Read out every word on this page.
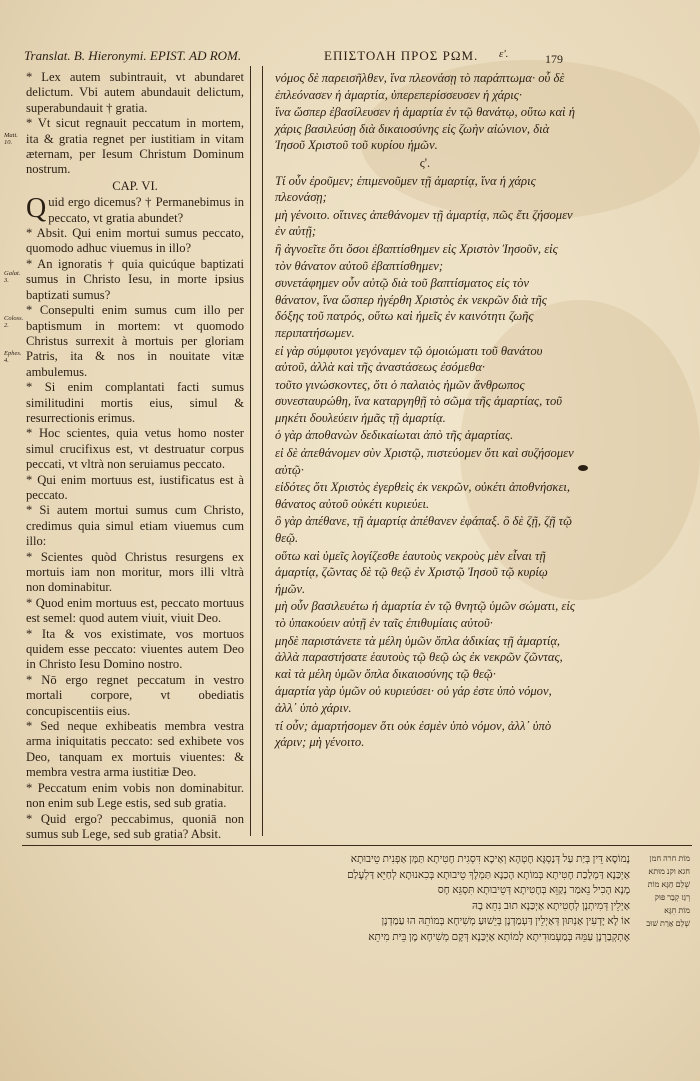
Translat. B. Hieronymi. EPIST. AD ROM.	ΕΠΙΣΤΟΛΗ ΠΡΟΣ ΡΩΜ. ε'.	179
Matt. 10.
Galat. 3.
Coloss. 2.
Ephes. 4.

* Lex autem subintrauit, vt abundaret delictum. Vbi autem abundauit delictum, superabundauit † gratia.

* Vt sicut regnauit peccatum in mortem, ita & gratia regnet per iustitiam in vitam æternam, per Iesum Christum Dominum nostrum.

CAP. VI.

Quid ergo dicemus? † Permanebimus in peccato, vt gratia abundet?

* Absit. Qui enim mortui sumus peccato, quomodo adhuc viuemus in illo?

* An ignoratis † quia quicúque baptizati sumus in Christo Iesu, in morte ipsius baptizati sumus?

* Consepulti enim sumus cum illo per baptismum in mortem: vt quomodo Christus surrexit à mortuis per gloriam Patris, ita & nos in nouitate vitæ ambulemus.

* Si enim complantati facti sumus similitudini mortis eius, simul & resurrectionis erimus.

* Hoc scientes, quia vetus homo noster simul crucifixus est, vt destruatur corpus peccati, vt vltrà non seruiamus peccato.

* Qui enim mortuus est, iustificatus est à peccato.

* Si autem mortui sumus cum Christo, credimus quia simul etiam viuemus cum illo:

* Scientes quòd Christus resurgens ex mortuis iam non moritur, mors illi vltrà non dominabitur.

* Quod enim mortuus est, peccato mortuus est semel: quod autem viuit, viuit Deo.

* Ita & vos existimate, vos mortuos quidem esse peccato: viuentes autem Deo in Christo Iesu Domino nostro.

* Nō ergo regnet peccatum in vestro mortali corpore, vt obediatis concupiscentiis eius.

* Sed neque exhibeatis membra vestra arma iniquitatis peccato: sed exhibete vos Deo, tanquam ex mortuis viuentes: & membra vestra arma iustitiæ Deo.

* Peccatum enim vobis non dominabitur. non enim sub Lege estis, sed sub gratia.

* Quid ergo? peccabimus, quoniā non sumus sub Lege, sed sub gratia? Absit.

νόμος δὲ παρεισῆλθεν, ἵνα πλεονάσῃ τὸ παράπτωμα· οὗ δὲ ἐπλεόνασεν ἡ ἁμαρτία, ὑπερεπερίσσευσεν ἡ χάρις·

ἵνα ὥσπερ ἐβασίλευσεν ἡ ἁμαρτία ἐν τῷ θανάτῳ, οὕτω καὶ ἡ χάρις βασιλεύσῃ διὰ δικαιοσύνης εἰς ζωὴν αἰώνιον, διὰ Ἰησοῦ Χριστοῦ τοῦ κυρίου ἡμῶν.

ς'.

Τί οὖν ἐροῦμεν; ἐπιμενοῦμεν τῇ ἁμαρτίᾳ, ἵνα ἡ χάρις πλεονάσῃ;

μὴ γένοιτο. οἵτινες ἀπεθάνομεν τῇ ἁμαρτίᾳ, πῶς ἔτι ζήσομεν ἐν αὐτῇ;

ἢ ἀγνοεῖτε ὅτι ὅσοι ἐβαπτίσθημεν εἰς Χριστὸν Ἰησοῦν, εἰς τὸν θάνατον αὐτοῦ ἐβαπτίσθημεν;

συνετάφημεν οὖν αὐτῷ διὰ τοῦ βαπτίσματος εἰς τὸν θάνατον, ἵνα ὥσπερ ἠγέρθη Χριστὸς ἐκ νεκρῶν διὰ τῆς δόξης τοῦ πατρός, οὕτω καὶ ἡμεῖς ἐν καινότητι ζωῆς περιπατήσωμεν.

εἰ γὰρ σύμφυτοι γεγόναμεν τῷ ὁμοιώματι τοῦ θανάτου αὐτοῦ, ἀλλὰ καὶ τῆς ἀναστάσεως ἐσόμεθα·

τοῦτο γινώσκοντες, ὅτι ὁ παλαιὸς ἡμῶν ἄνθρωπος συνεσταυρώθη, ἵνα καταργηθῇ τὸ σῶμα τῆς ἁμαρτίας, τοῦ μηκέτι δουλεύειν ἡμᾶς τῇ ἁμαρτίᾳ.

ὁ γὰρ ἀποθανὼν δεδικαίωται ἀπὸ τῆς ἁμαρτίας.

εἰ δὲ ἀπεθάνομεν σὺν Χριστῷ, πιστεύομεν ὅτι καὶ συζήσομεν αὐτῷ·

εἰδότες ὅτι Χριστὸς ἐγερθεὶς ἐκ νεκρῶν, οὐκέτι ἀποθνήσκει, θάνατος αὐτοῦ οὐκέτι κυριεύει.

ὃ γὰρ ἀπέθανε, τῇ ἁμαρτίᾳ ἀπέθανεν ἐφάπαξ. ὃ δὲ ζῇ, ζῇ τῷ θεῷ.

οὕτω καὶ ὑμεῖς λογίζεσθε ἑαυτοὺς νεκροὺς μὲν εἶναι τῇ ἁμαρτίᾳ, ζῶντας δὲ τῷ θεῷ ἐν Χριστῷ Ἰησοῦ τῷ κυρίῳ ἡμῶν.

μὴ οὖν βασιλευέτω ἡ ἁμαρτία ἐν τῷ θνητῷ ὑμῶν σώματι, εἰς τὸ ὑπακούειν αὐτῇ ἐν ταῖς ἐπιθυμίαις αὐτοῦ·

μηδὲ παριστάνετε τὰ μέλη ὑμῶν ὅπλα ἀδικίας τῇ ἁμαρτίᾳ, ἀλλὰ παραστήσατε ἑαυτοὺς τῷ θεῷ ὡς ἐκ νεκρῶν ζῶντας, καὶ τὰ μέλη ὑμῶν ὅπλα δικαιοσύνης τῷ θεῷ·

ἁμαρτία γὰρ ὑμῶν οὐ κυριεύσει· οὐ γάρ ἐστε ὑπὸ νόμον, ἀλλ᾽ ὑπὸ χάριν.

τί οὖν; ἁμαρτήσομεν ὅτι οὐκ ἐσμὲν ὑπὸ νόμον, ἀλλ᾽ ὑπὸ χάριν; μὴ γένοιτο.

נָמוֹסָא דֵּין בְּיַת עַל דְּנַסְגָּא חֶטְהָא וְאַיכָא דִּסְגִית חֶטִיתָא תַּמָּן אַפְנִית טֵיבוּתָא

אַיְכַּנָא דַּמְלַכַת חֶטִיתָא בְּמוֹתָא הָכַנָא תַּמְלֶךְ טֵיבוּתָא בְּכִאנוּתָא לְחַיֵּא דַּלְעָלַם

מָנָא הָכִיל נֵאמַר נְקַוֵּא בְּחֶטִיתָא דְּטֵיבוּתָא תִּסְגֵּא חָס

אַיְלֵין דְּמִיתְנָן לְחֶטִיתָא אַיְכַּנָא תוּב נִחֵא בָהּ

אוֹ לָא יָדְעִין אַנְתּוּן דְּאַיְלֵין דַּעְמַדְנָן בְּיֵשׁוּעַ מְשִׁיחָא בְּמוֹתֵהּ הוּ עַמַדְנָן

אֶתְקְבַרְנָן עַמֵּהּ בְּמַעְמוּדִיתָא לְמוֹתָא אַיְכַּנָא דְּקָם מְשִׁיחָא מֶן בֵּית מִיתֵא

מוֹת חרה חמן

חגא וקנ מוּתא

שְׁלֵם חַגָּא מוֹת

רְגַז קְבַר פּוּק

מוֹת חִגָּא

שְׁלֵם אַרַת שׁוּב
